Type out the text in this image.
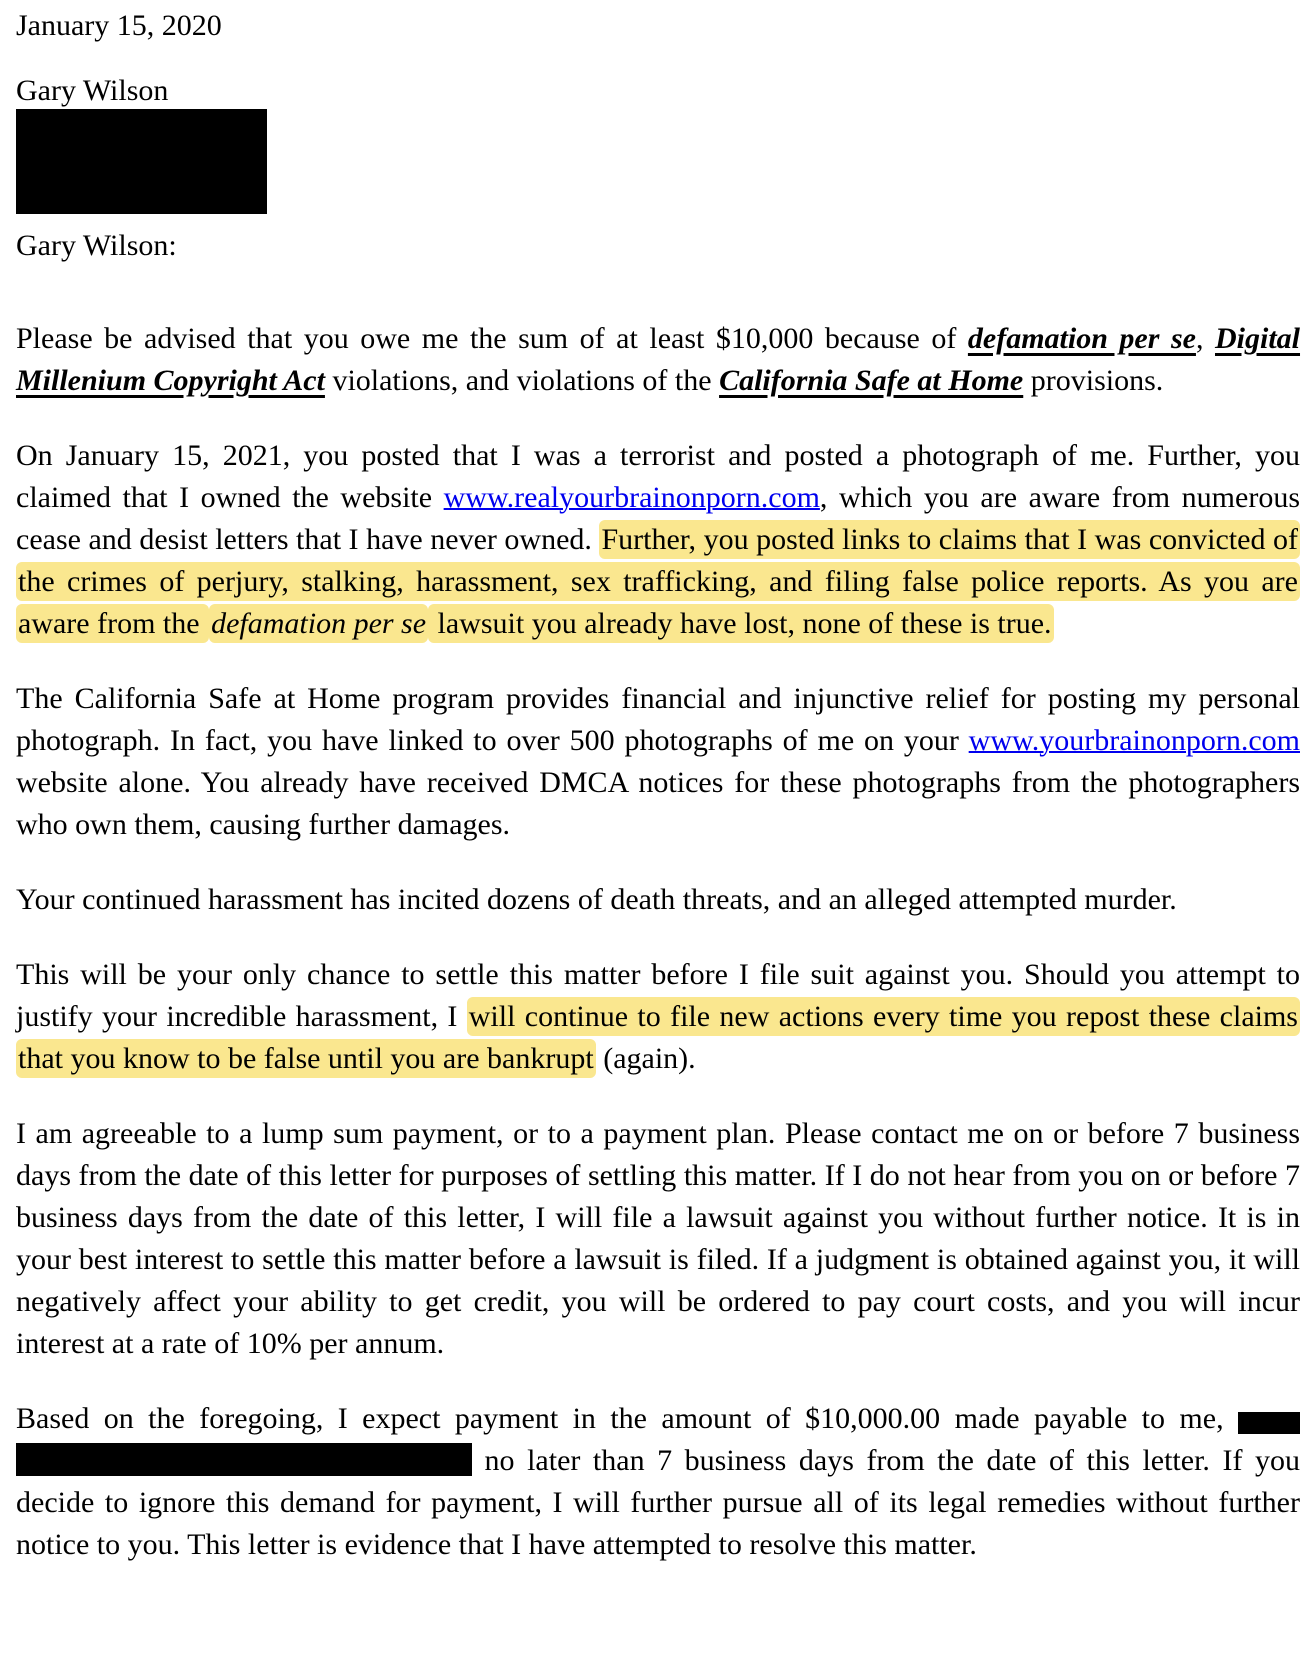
January 15, 2020
Gary Wilson
Gary Wilson:

Please be advised that you owe me the sum of at least $10,000 because of defamation per se, Digital Millenium Copyright Act violations, and violations of the California Safe at Home provisions.

On January 15, 2021, you posted that I was a terrorist and posted a photograph of me. Further, you claimed that I owned the website www.realyourbrainonporn.com, which you are aware from numerous cease and desist letters that I have never owned. Further, you posted links to claims that I was convicted of the crimes of perjury, stalking, harassment, sex trafficking, and filing false police reports. As you are aware from the defamation per se lawsuit you already have lost, none of these is true.

The California Safe at Home program provides financial and injunctive relief for posting my personal photograph. In fact, you have linked to over 500 photographs of me on your www.yourbrainonporn.com website alone. You already have received DMCA notices for these photographs from the photographers who own them, causing further damages.

Your continued harassment has incited dozens of death threats, and an alleged attempted murder.

This will be your only chance to settle this matter before I file suit against you. Should you attempt to justify your incredible harassment, I will continue to file new actions every time you repost these claims that you know to be false until you are bankrupt (again).

I am agreeable to a lump sum payment, or to a payment plan. Please contact me on or before 7 business days from the date of this letter for purposes of settling this matter. If I do not hear from you on or before 7 business days from the date of this letter, I will file a lawsuit against you without further notice. It is in your best interest to settle this matter before a lawsuit is filed. If a judgment is obtained against you, it will negatively affect your ability to get credit, you will be ordered to pay court costs, and you will incur interest at a rate of 10% per annum.

Based on the foregoing, I expect payment in the amount of $10,000.00 made payable to me,   no later than 7 business days from the date of this letter. If you decide to ignore this demand for payment, I will further pursue all of its legal remedies without further notice to you. This letter is evidence that I have attempted to resolve this matter.
